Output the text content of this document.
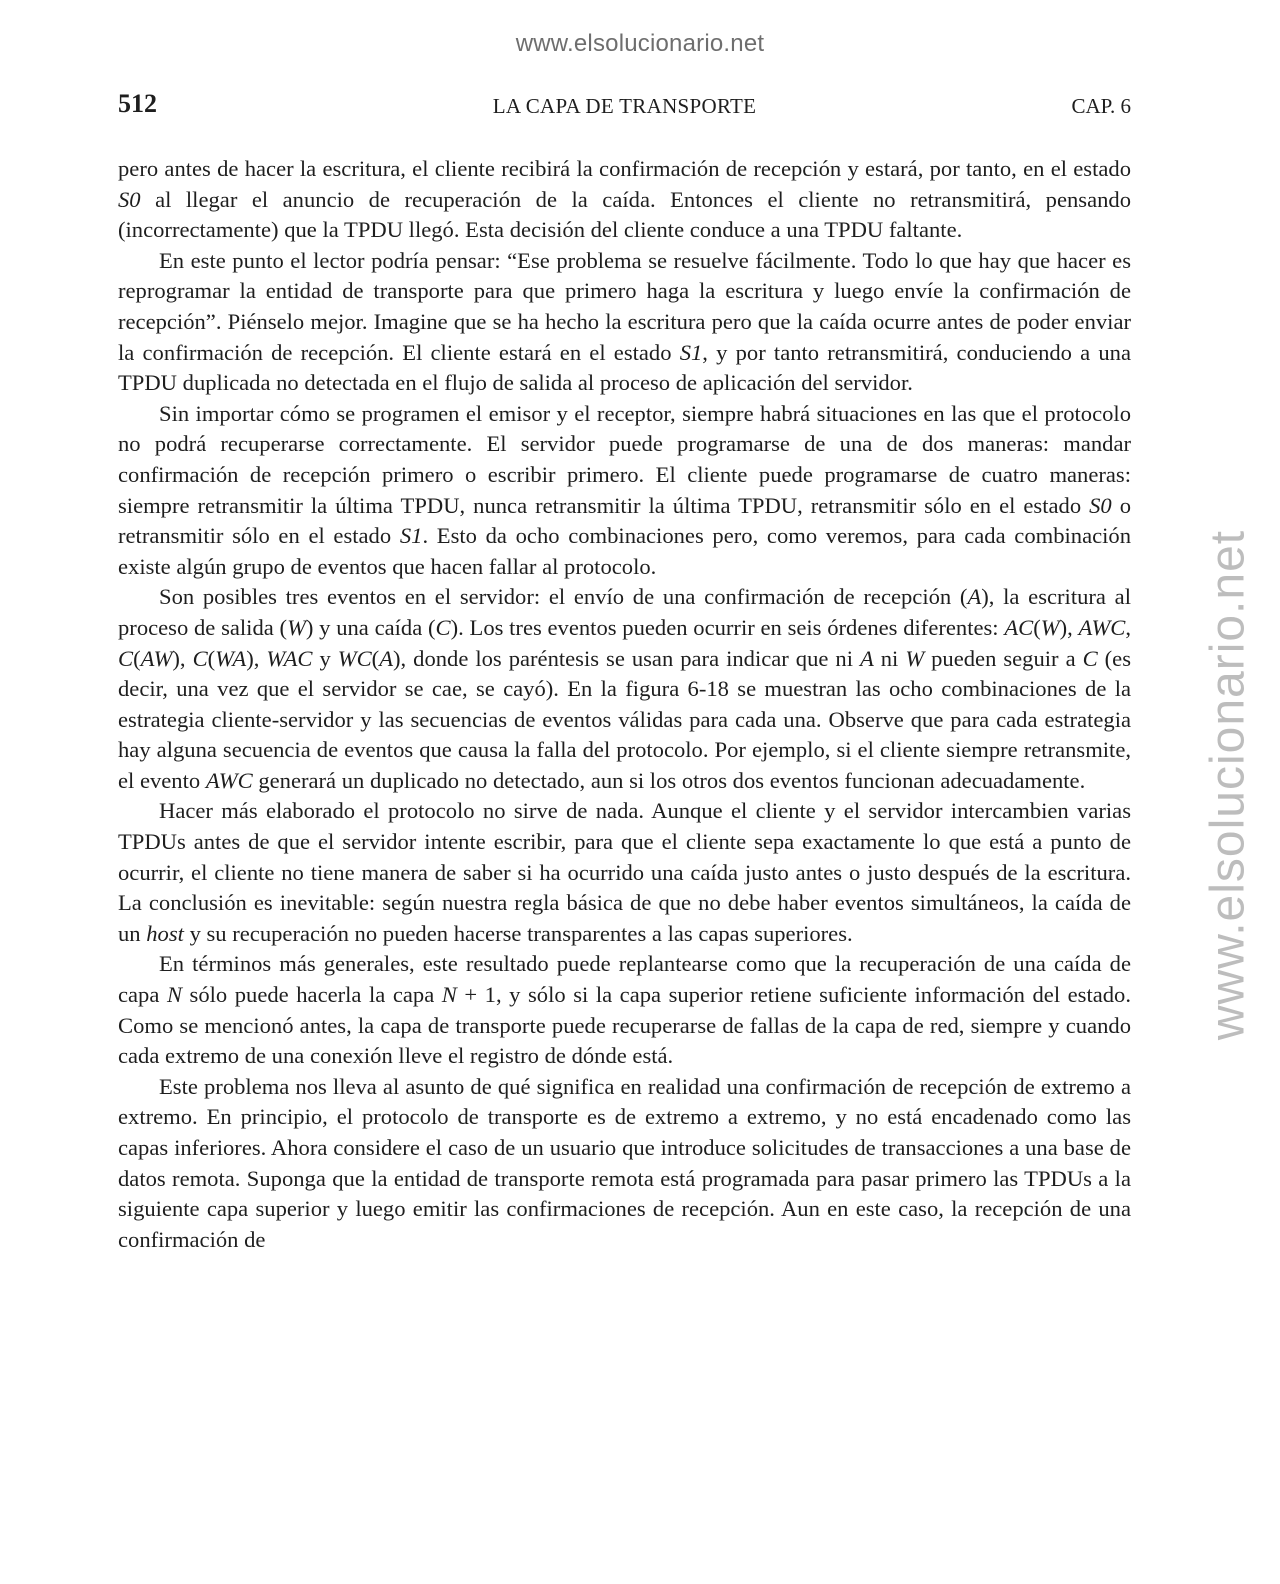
www.elsolucionario.net
www.elsolucionario.net
512	LA CAPA DE TRANSPORTE	CAP. 6

pero antes de hacer la escritura, el cliente recibirá la confirmación de recepción y estará, por tanto, en el estado S0 al llegar el anuncio de recuperación de la caída. Entonces el cliente no retransmitirá, pensando (incorrectamente) que la TPDU llegó. Esta decisión del cliente conduce a una TPDU faltante.

En este punto el lector podría pensar: “Ese problema se resuelve fácilmente. Todo lo que hay que hacer es reprogramar la entidad de transporte para que primero haga la escritura y luego envíe la confirmación de recepción”. Piénselo mejor. Imagine que se ha hecho la escritura pero que la caída ocurre antes de poder enviar la confirmación de recepción. El cliente estará en el estado S1, y por tanto retransmitirá, conduciendo a una TPDU duplicada no detectada en el flujo de salida al proceso de aplicación del servidor.

Sin importar cómo se programen el emisor y el receptor, siempre habrá situaciones en las que el protocolo no podrá recuperarse correctamente. El servidor puede programarse de una de dos maneras: mandar confirmación de recepción primero o escribir primero. El cliente puede programarse de cuatro maneras: siempre retransmitir la última TPDU, nunca retransmitir la última TPDU, retransmitir sólo en el estado S0 o retransmitir sólo en el estado S1. Esto da ocho combinaciones pero, como veremos, para cada combinación existe algún grupo de eventos que hacen fallar al protocolo.

Son posibles tres eventos en el servidor: el envío de una confirmación de recepción (A), la escritura al proceso de salida (W) y una caída (C). Los tres eventos pueden ocurrir en seis órdenes diferentes: AC(W), AWC, C(AW), C(WA), WAC y WC(A), donde los paréntesis se usan para indicar que ni A ni W pueden seguir a C (es decir, una vez que el servidor se cae, se cayó). En la figura 6-18 se muestran las ocho combinaciones de la estrategia cliente-servidor y las secuencias de eventos válidas para cada una. Observe que para cada estrategia hay alguna secuencia de eventos que causa la falla del protocolo. Por ejemplo, si el cliente siempre retransmite, el evento AWC generará un duplicado no detectado, aun si los otros dos eventos funcionan adecuadamente.

Hacer más elaborado el protocolo no sirve de nada. Aunque el cliente y el servidor intercambien varias TPDUs antes de que el servidor intente escribir, para que el cliente sepa exactamente lo que está a punto de ocurrir, el cliente no tiene manera de saber si ha ocurrido una caída justo antes o justo después de la escritura. La conclusión es inevitable: según nuestra regla básica de que no debe haber eventos simultáneos, la caída de un host y su recuperación no pueden hacerse transparentes a las capas superiores.

En términos más generales, este resultado puede replantearse como que la recuperación de una caída de capa N sólo puede hacerla la capa N + 1, y sólo si la capa superior retiene suficiente información del estado. Como se mencionó antes, la capa de transporte puede recuperarse de fallas de la capa de red, siempre y cuando cada extremo de una conexión lleve el registro de dónde está.

Este problema nos lleva al asunto de qué significa en realidad una confirmación de recepción de extremo a extremo. En principio, el protocolo de transporte es de extremo a extremo, y no está encadenado como las capas inferiores. Ahora considere el caso de un usuario que introduce solicitudes de transacciones a una base de datos remota. Suponga que la entidad de transporte remota está programada para pasar primero las TPDUs a la siguiente capa superior y luego emitir las confirmaciones de recepción. Aun en este caso, la recepción de una confirmación de
